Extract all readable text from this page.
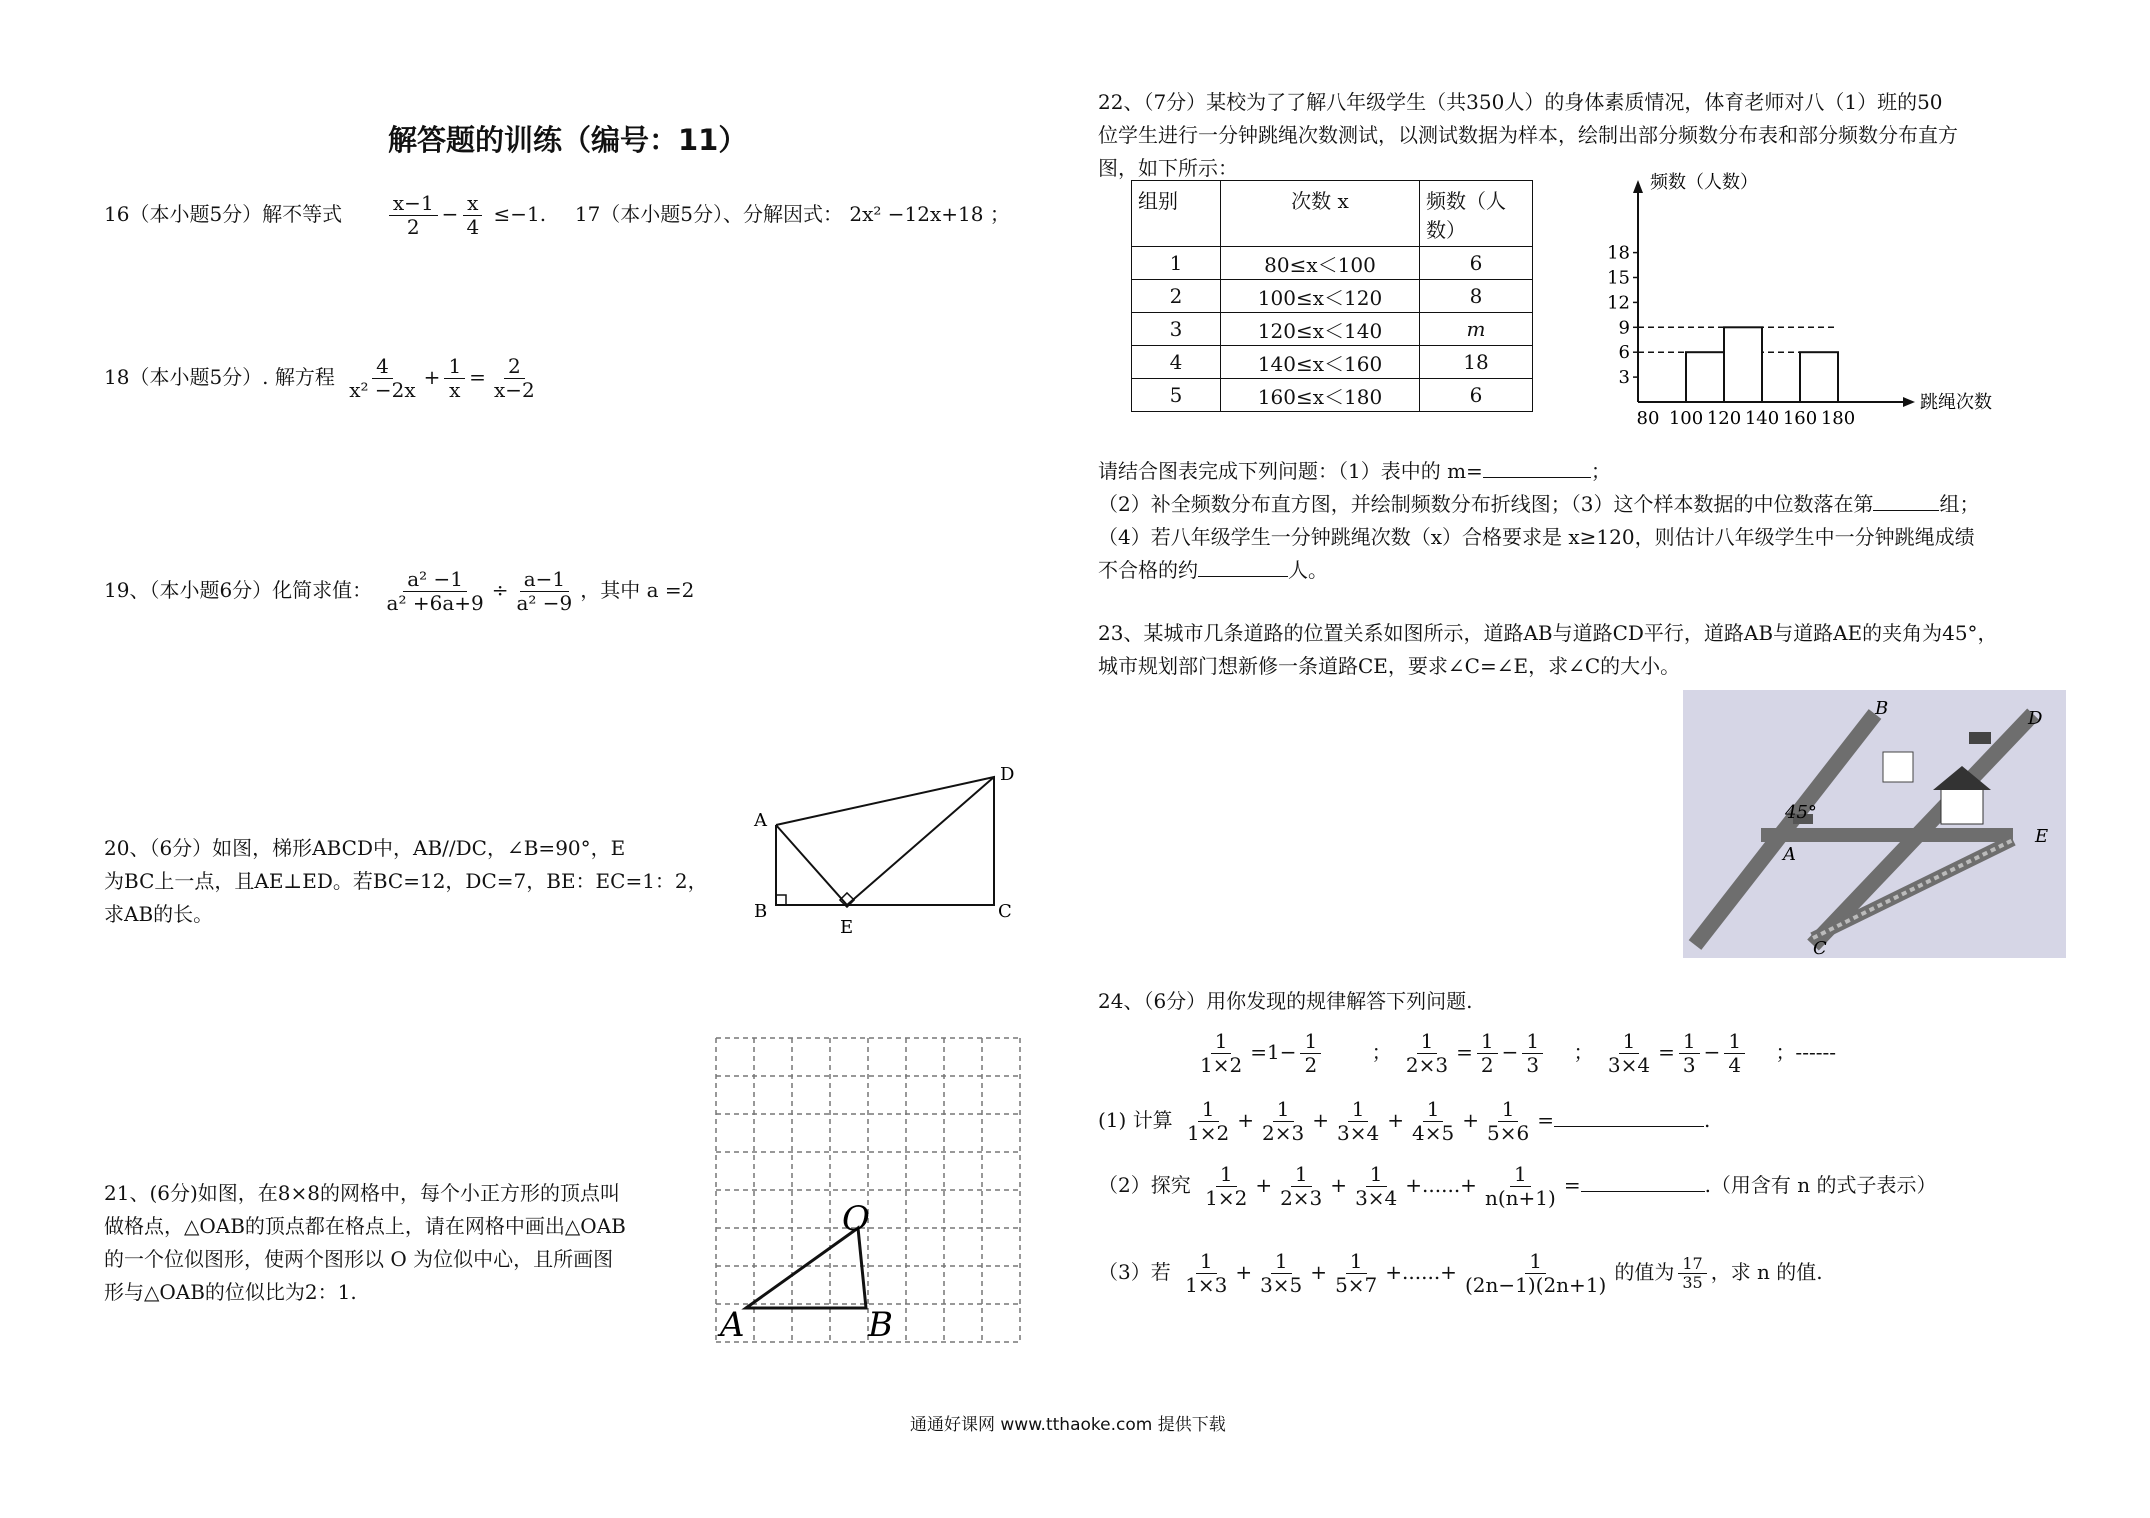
解答题的训练（编号：11）
16（本小题5分）解不等式 $\frac{x-1}{2} - \frac{x}{4} \le-1$. 17（本小题5分）、分解因式： 2x² −12x+18 ；
18（本小题5分）. 解方程 $\frac{4}{\text{x² −2x}} + \frac{1}{x} = \frac{2}{x-2}$
19、（本小题6分）化简求值： $\frac{\text{a² −1}}{\text{a² +6a+9}} \div \frac{a-1}{\text{a² −9}}$ ，其中 a =2
20、（6分）如图，梯形ABCD中，AB//DC，∠B=90°，E
为BC上一点，且AE⊥ED。若BC=12，DC=7，BE：EC=1：2，
求AB的长。
A
B	C
D
E
21、(6分)如图，在8×8的网格中，每个小正方形的顶点叫
做格点，△OAB的顶点都在格点上，请在网格中画出△OAB
的一个位似图形，使两个图形以 O 为位似中心，且所画图
形与△OAB的位似比为2：1.
O
A	B
22、（7分）某校为了了解八年级学生（共350人）的身体素质情况，体育老师对八（1）班的50
位学生进行一分钟跳绳次数测试，以测试数据为样本，绘制出部分频数分布表和部分频数分布直方
图，如下所示：
组别	次数 x	频数（人数）
1	80≤x＜100	6
2	100≤x＜120	8
3	120≤x＜140	m
4	140≤x＜160	18
5	160≤x＜180	6
3
6
9
12
15
18
80 100 120 140 160 180
频数（人数）
跳绳次数
请结合图表完成下列问题：（1）表中的 m=	；
（2）补全频数分布直方图，并绘制频数分布折线图；（3）这个样本数据的中位数落在第	组；
（4）若八年级学生一分钟跳绳次数（x）合格要求是 x≥120，则估计八年级学生中一分钟跳绳成绩
不合格的约	人。
23、某城市几条道路的位置关系如图所示，道路AB与道路CD平行，道路AB与道路AE的夹角为45°，
城市规划部门想新修一条道路CE，要求∠C=∠E，求∠C的大小。
45°
B
A
C
D
E
24、（6分）用你发现的规律解答下列问题.
$\frac{1}{1\times 2} =1- \frac{1}{2}$	； $\frac{1}{2\times 3} = \frac{1}{2} - \frac{1}{3}$ ； $\frac{1}{3\times 4} = \frac{1}{3} - \frac{1}{4}$ ；------
(1) 计算 $\frac{1}{1\times 2} + \frac{1}{2\times 3} + \frac{1}{3\times 4} + \frac{1}{4\times 5} + \frac{1}{5\times 6}$ =	.
（2）探究 $\frac{1}{1\times 2} + \frac{1}{2\times 3} + \frac{1}{3\times 4}$ +......+ $\frac{1}{n(n+1)}$ =	.（用含有 n 的式子表示）
（3）若 $\frac{1}{1\times 3} + \frac{1}{3\times 5} + \frac{1}{5\times 7}$ +......+ $\frac{1}{(2n-1)(2n+1)}$ 的值为 $\frac{17}{35}$ ，求 n 的值.
通通好课网 www.tthaoke.com 提供下载
